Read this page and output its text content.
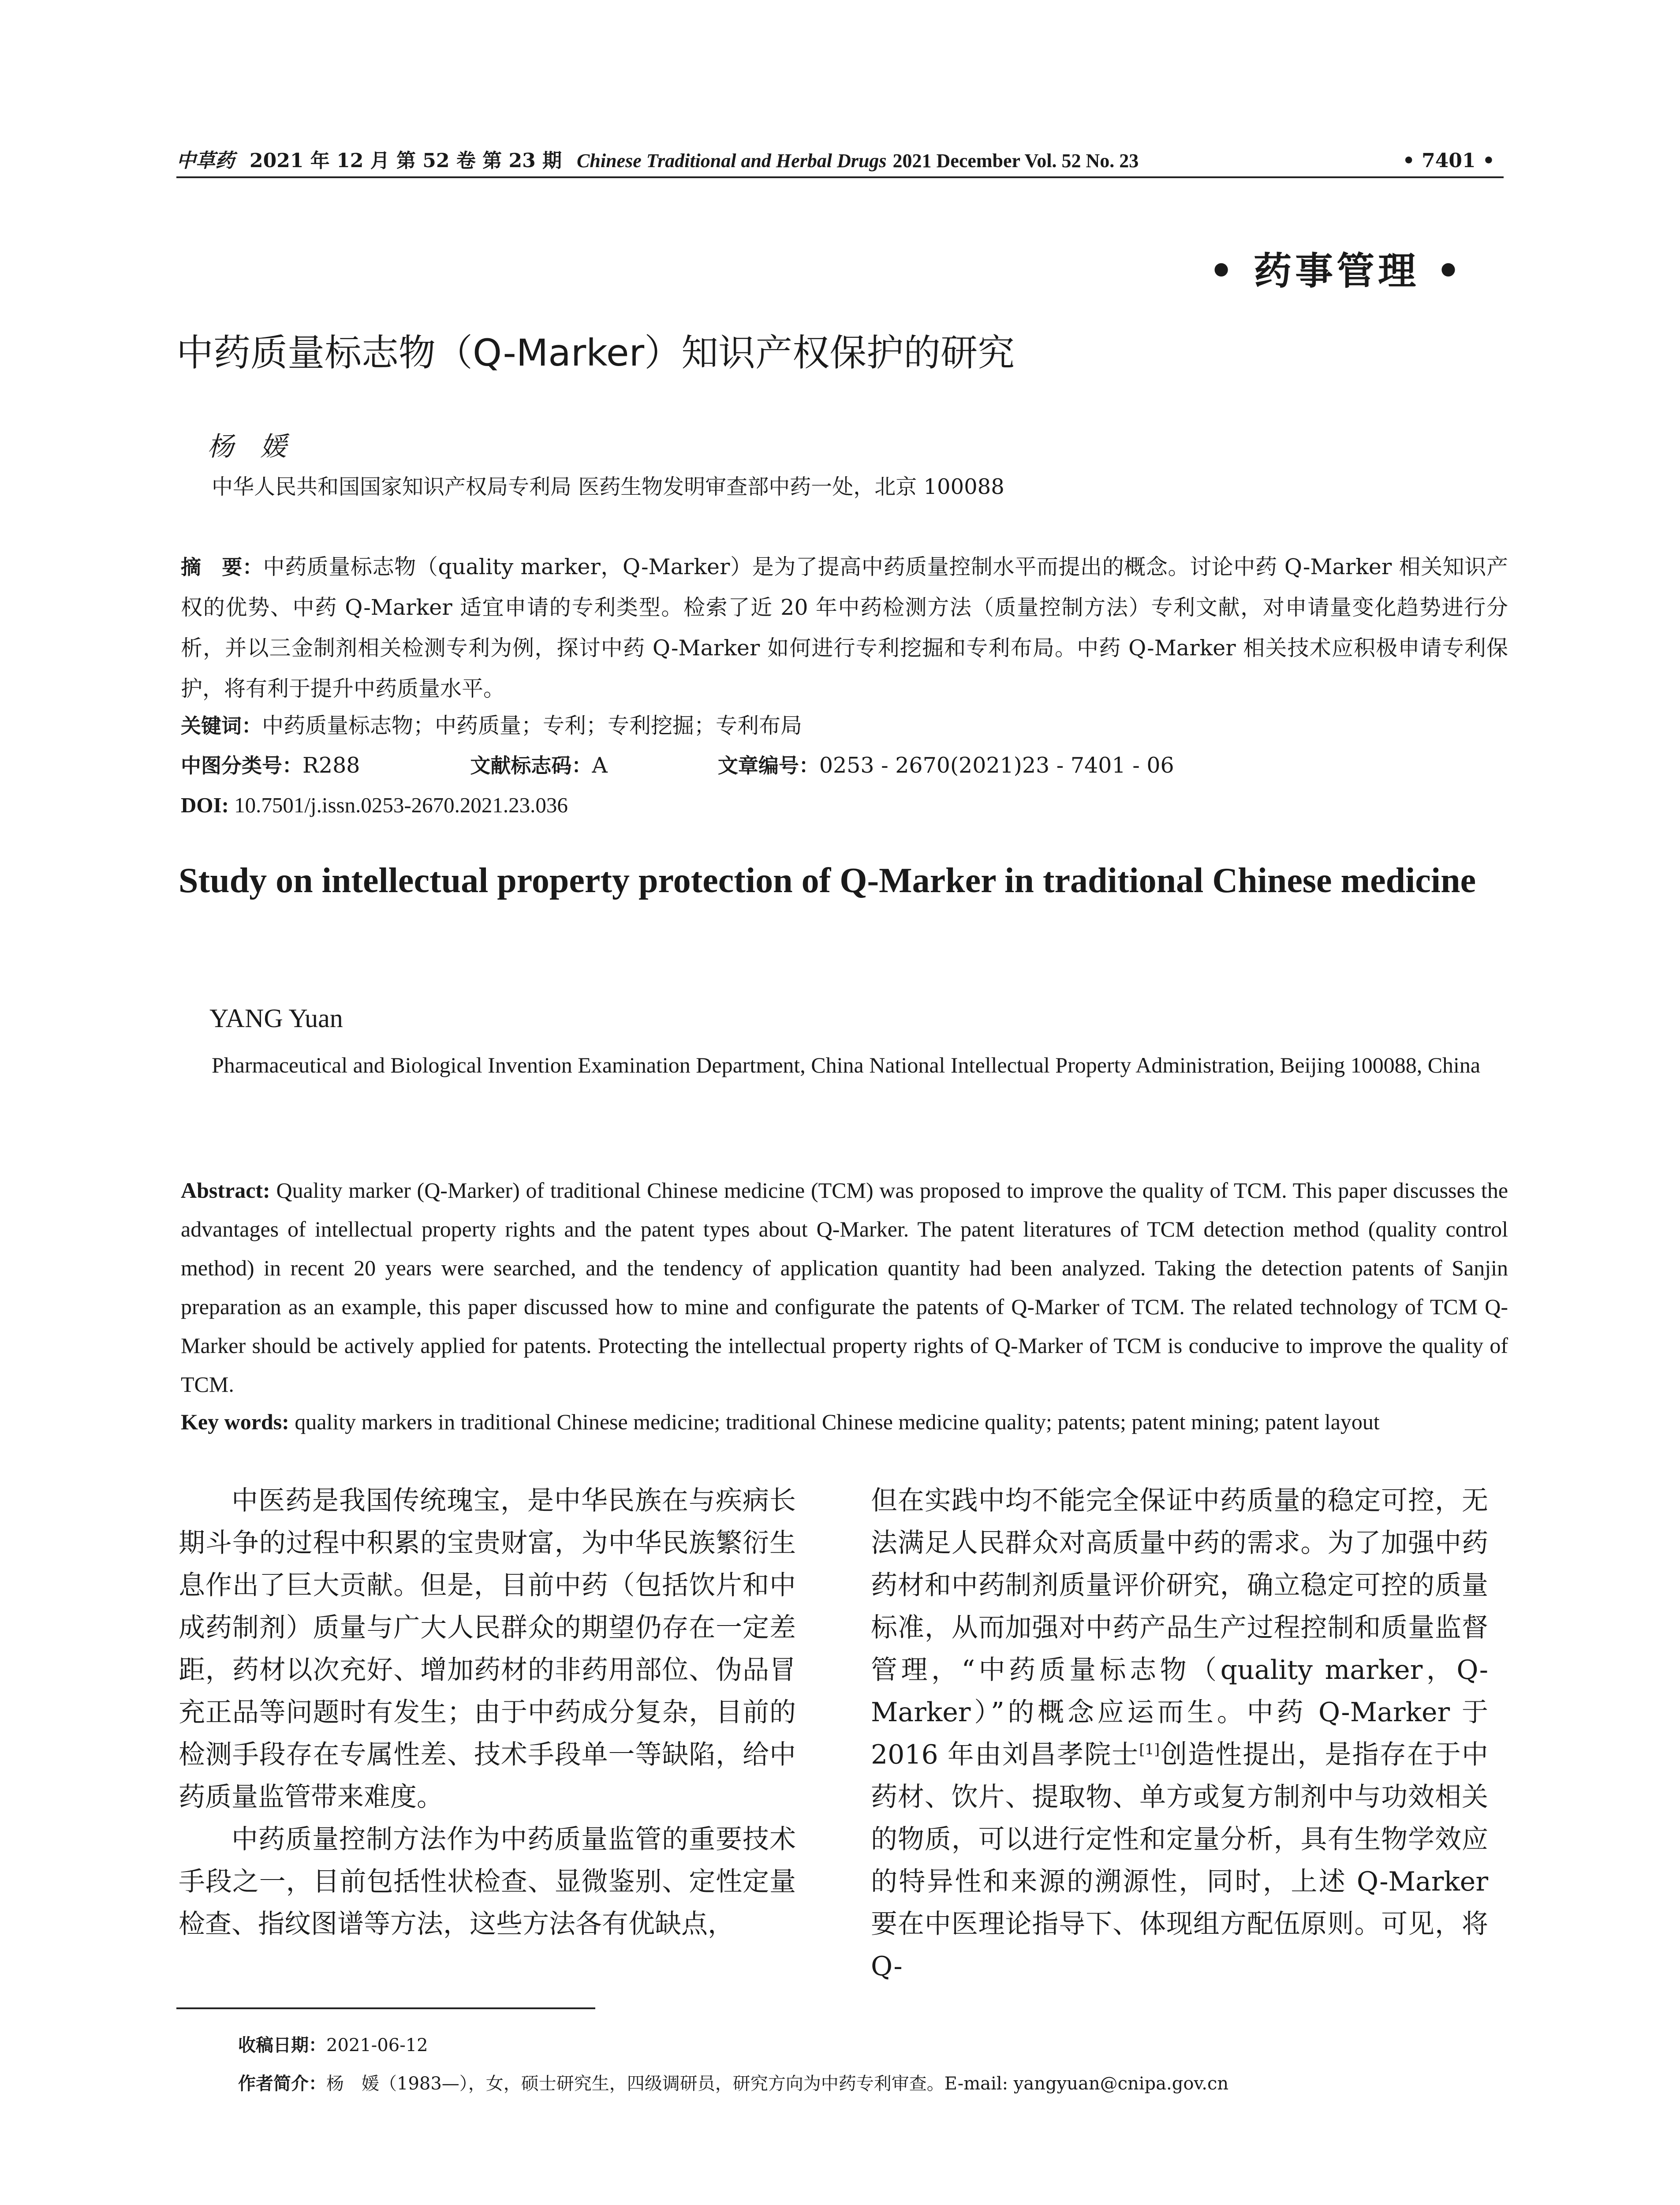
中草药 2021 年 12 月 第 52 卷 第 23 期 Chinese Traditional and Herbal Drugs 2021 December Vol. 52 No. 23	• 7401 •
• 药事管理 •
中药质量标志物（Q-Marker）知识产权保护的研究
杨媛
中华人民共和国国家知识产权局专利局 医药生物发明审查部中药一处，北京 100088
摘　要：中药质量标志物（quality marker，Q-Marker）是为了提高中药质量控制水平而提出的概念。讨论中药 Q-Marker 相关知识产权的优势、中药 Q-Marker 适宜申请的专利类型。检索了近 20 年中药检测方法（质量控制方法）专利文献，对申请量变化趋势进行分析，并以三金制剂相关检测专利为例，探讨中药 Q-Marker 如何进行专利挖掘和专利布局。中药 Q-Marker 相关技术应积极申请专利保护，将有利于提升中药质量水平。
关键词：中药质量标志物；中药质量；专利；专利挖掘；专利布局
中图分类号：R288	文献标志码：A	文章编号：0253 - 2670(2021)23 - 7401 - 06
DOI: 10.7501/j.issn.0253-2670.2021.23.036
Study on intellectual property protection of Q-Marker in traditional Chinese medicine
YANG Yuan
Pharmaceutical and Biological Invention Examination Department, China National Intellectual Property Administration, Beijing 100088, China
Abstract: Quality marker (Q-Marker) of traditional Chinese medicine (TCM) was proposed to improve the quality of TCM. This paper discusses the advantages of intellectual property rights and the patent types about Q-Marker. The patent literatures of TCM detection method (quality control method) in recent 20 years were searched, and the tendency of application quantity had been analyzed. Taking the detection patents of Sanjin preparation as an example, this paper discussed how to mine and configurate the patents of Q-Marker of TCM. The related technology of TCM Q-Marker should be actively applied for patents. Protecting the intellectual property rights of Q-Marker of TCM is conducive to improve the quality of TCM.
Key words: quality markers in traditional Chinese medicine; traditional Chinese medicine quality; patents; patent mining; patent layout

中医药是我国传统瑰宝，是中华民族在与疾病长期斗争的过程中积累的宝贵财富，为中华民族繁衍生息作出了巨大贡献。但是，目前中药（包括饮片和中成药制剂）质量与广大人民群众的期望仍存在一定差距，药材以次充好、增加药材的非药用部位、伪品冒充正品等问题时有发生；由于中药成分复杂，目前的检测手段存在专属性差、技术手段单一等缺陷，给中药质量监管带来难度。

中药质量控制方法作为中药质量监管的重要技术手段之一，目前包括性状检查、显微鉴别、定性定量检查、指纹图谱等方法，这些方法各有优缺点，

但在实践中均不能完全保证中药质量的稳定可控，无法满足人民群众对高质量中药的需求。为了加强中药药材和中药制剂质量评价研究，确立稳定可控的质量标准，从而加强对中药产品生产过程控制和质量监督管理，“中药质量标志物（quality marker，Q-Marker）”的概念应运而生。中药 Q-Marker 于 2016 年由刘昌孝院士[1]创造性提出，是指存在于中药材、饮片、提取物、单方或复方制剂中与功效相关的物质，可以进行定性和定量分析，具有生物学效应的特异性和来源的溯源性，同时，上述 Q-Marker 要在中医理论指导下、体现组方配伍原则。可见，将 Q-

收稿日期：2021-06-12
作者简介：杨　媛（1983—），女，硕士研究生，四级调研员，研究方向为中药专利审查。E-mail: yangyuan@cnipa.gov.cn
